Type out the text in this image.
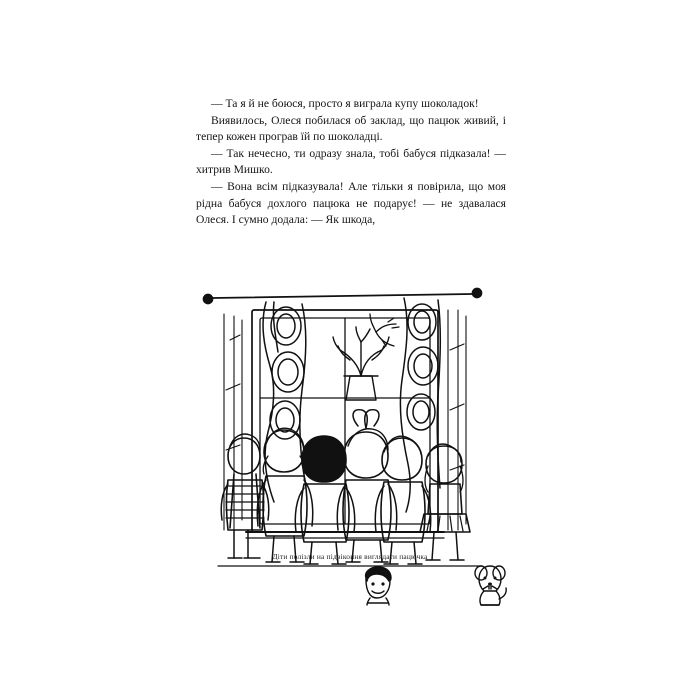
— Та я й не боюся, просто я виграла купу шоколадок!

Виявилось, Олеся побилася об заклад, що пацюк живий, і тепер кожен програв їй по шоколадці.

— Так нечесно, ти одразу знала, тобі бабуся підказала! — хитрив Мишко.

— Вона всім підказувала! Але тільки я повірила, що моя рідна бабуся дохлого пацюка не подарує! — не здавалася Олеся. І сумно додала: — Як шкода,

Діти полізли на підвіконня виглядати пацючка
